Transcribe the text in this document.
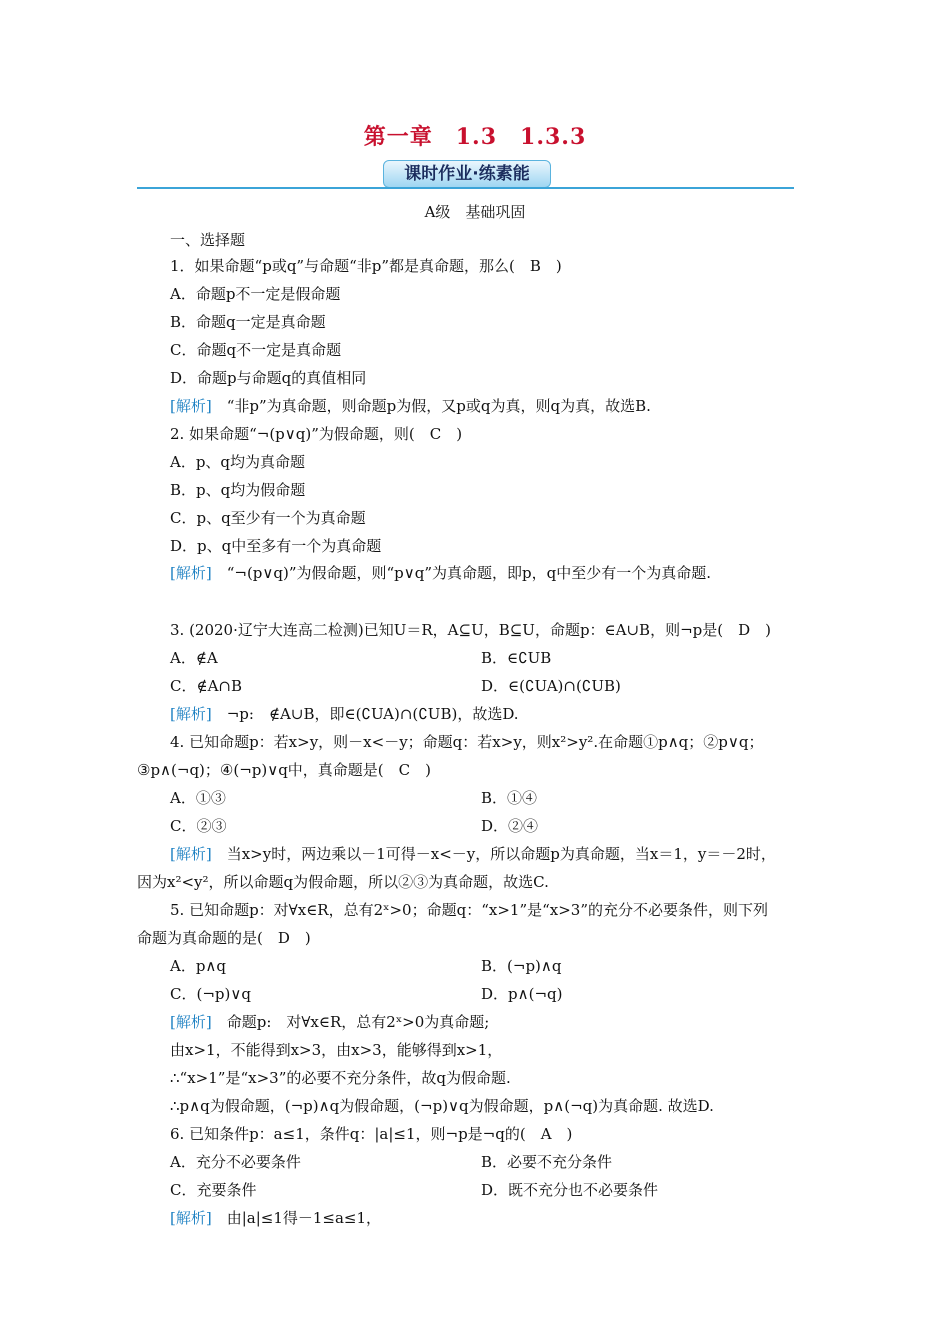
第一章　1.3　1.3.3
课时作业·练素能
A级　基础巩固
一、选择题
1．如果命题“p或q”与命题“非p”都是真命题，那么(　B　)
A．命题p不一定是假命题
B．命题q一定是真命题
C．命题q不一定是真命题
D．命题p与命题q的真值相同
[解析]　“非p”为真命题，则命题p为假，又p或q为真，则q为真，故选B.
2. 如果命题“¬(p∨q)”为假命题，则(　C　)
A．p、q均为真命题
B．p、q均为假命题
C．p、q至少有一个为真命题
D．p、q中至多有一个为真命题
[解析]　“¬(p∨q)”为假命题，则“p∨q”为真命题，即p，q中至少有一个为真命题.
3. (2020·辽宁大连高二检测)已知U＝R，A⊆U，B⊆U，命题p：∈A∪B，则¬p是(　D　)
A．∉A	B．∈∁UB
C．∉A∩B	D．∈(∁UA)∩(∁UB)
[解析]　¬p:　∉A∪B，即∈(∁UA)∩(∁UB)，故选D.
4. 已知命题p：若x>y，则－x<－y；命题q：若x>y，则x²>y².在命题①p∧q；②p∨q；
③p∧(¬q)；④(¬p)∨q中，真命题是(　C　)
A．①③	B．①④
C．②③	D．②④
[解析]　当x>y时，两边乘以－1可得－x<－y，所以命题p为真命题，当x＝1，y＝－2时，
因为x²<y²，所以命题q为假命题，所以②③为真命题，故选C.
5. 已知命题p：对∀x∈R，总有2ˣ>0；命题q：“x>1”是“x>3”的充分不必要条件，则下列
命题为真命题的是(　D　)
A．p∧q	B．(¬p)∧q
C．(¬p)∨q	D．p∧(¬q)
[解析]　命题p:　对∀x∈R，总有2ˣ>0为真命题;
由x>1，不能得到x>3，由x>3，能够得到x>1，
∴“x>1”是“x>3”的必要不充分条件，故q为假命题.
∴p∧q为假命题，(¬p)∧q为假命题，(¬p)∨q为假命题，p∧(¬q)为真命题. 故选D.
6. 已知条件p：a≤1，条件q：|a|≤1，则¬p是¬q的(　A　)
A．充分不必要条件	B．必要不充分条件
C．充要条件	D．既不充分也不必要条件
[解析]　由|a|≤1得－1≤a≤1，
